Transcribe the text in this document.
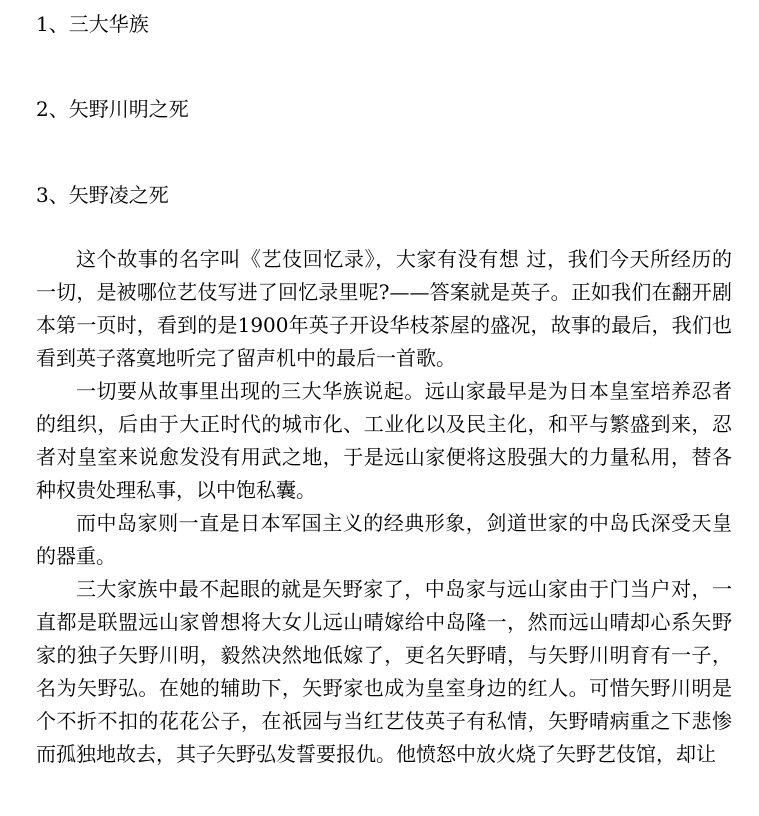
1、三大华族
2、矢野川明之死
3、矢野凌之死

这个故事的名字叫《艺伎回忆录》，大家有没有想 过，我们今天所经历的一切，是被哪位艺伎写进了回忆录里呢?——答案就是英子。正如我们在翻开剧本第一页时，看到的是1900年英子开设华枝茶屋的盛况，故事的最后，我们也看到英子落寞地听完了留声机中的最后一首歌。

一切要从故事里出现的三大华族说起。远山家最早是为日本皇室培养忍者的组织，后由于大正时代的城市化、工业化以及民主化，和平与繁盛到来，忍者对皇室来说愈发没有用武之地，于是远山家便将这股强大的力量私用，替各种权贵处理私事，以中饱私囊。

而中岛家则一直是日本军国主义的经典形象，剑道世家的中岛氏深受天皇的器重。

三大家族中最不起眼的就是矢野家了，中岛家与远山家由于门当户对，一直都是联盟远山家曾想将大女儿远山晴嫁给中岛隆一，然而远山晴却心系矢野家的独子矢野川明，毅然决然地低嫁了，更名矢野晴，与矢野川明育有一子，名为矢野弘。在她的辅助下，矢野家也成为皇室身边的红人。可惜矢野川明是个不折不扣的花花公子，在祇园与当红艺伎英子有私情，矢野晴病重之下悲惨而孤独地故去，其子矢野弘发誓要报仇。他愤怒中放火烧了矢野艺伎馆，却让
